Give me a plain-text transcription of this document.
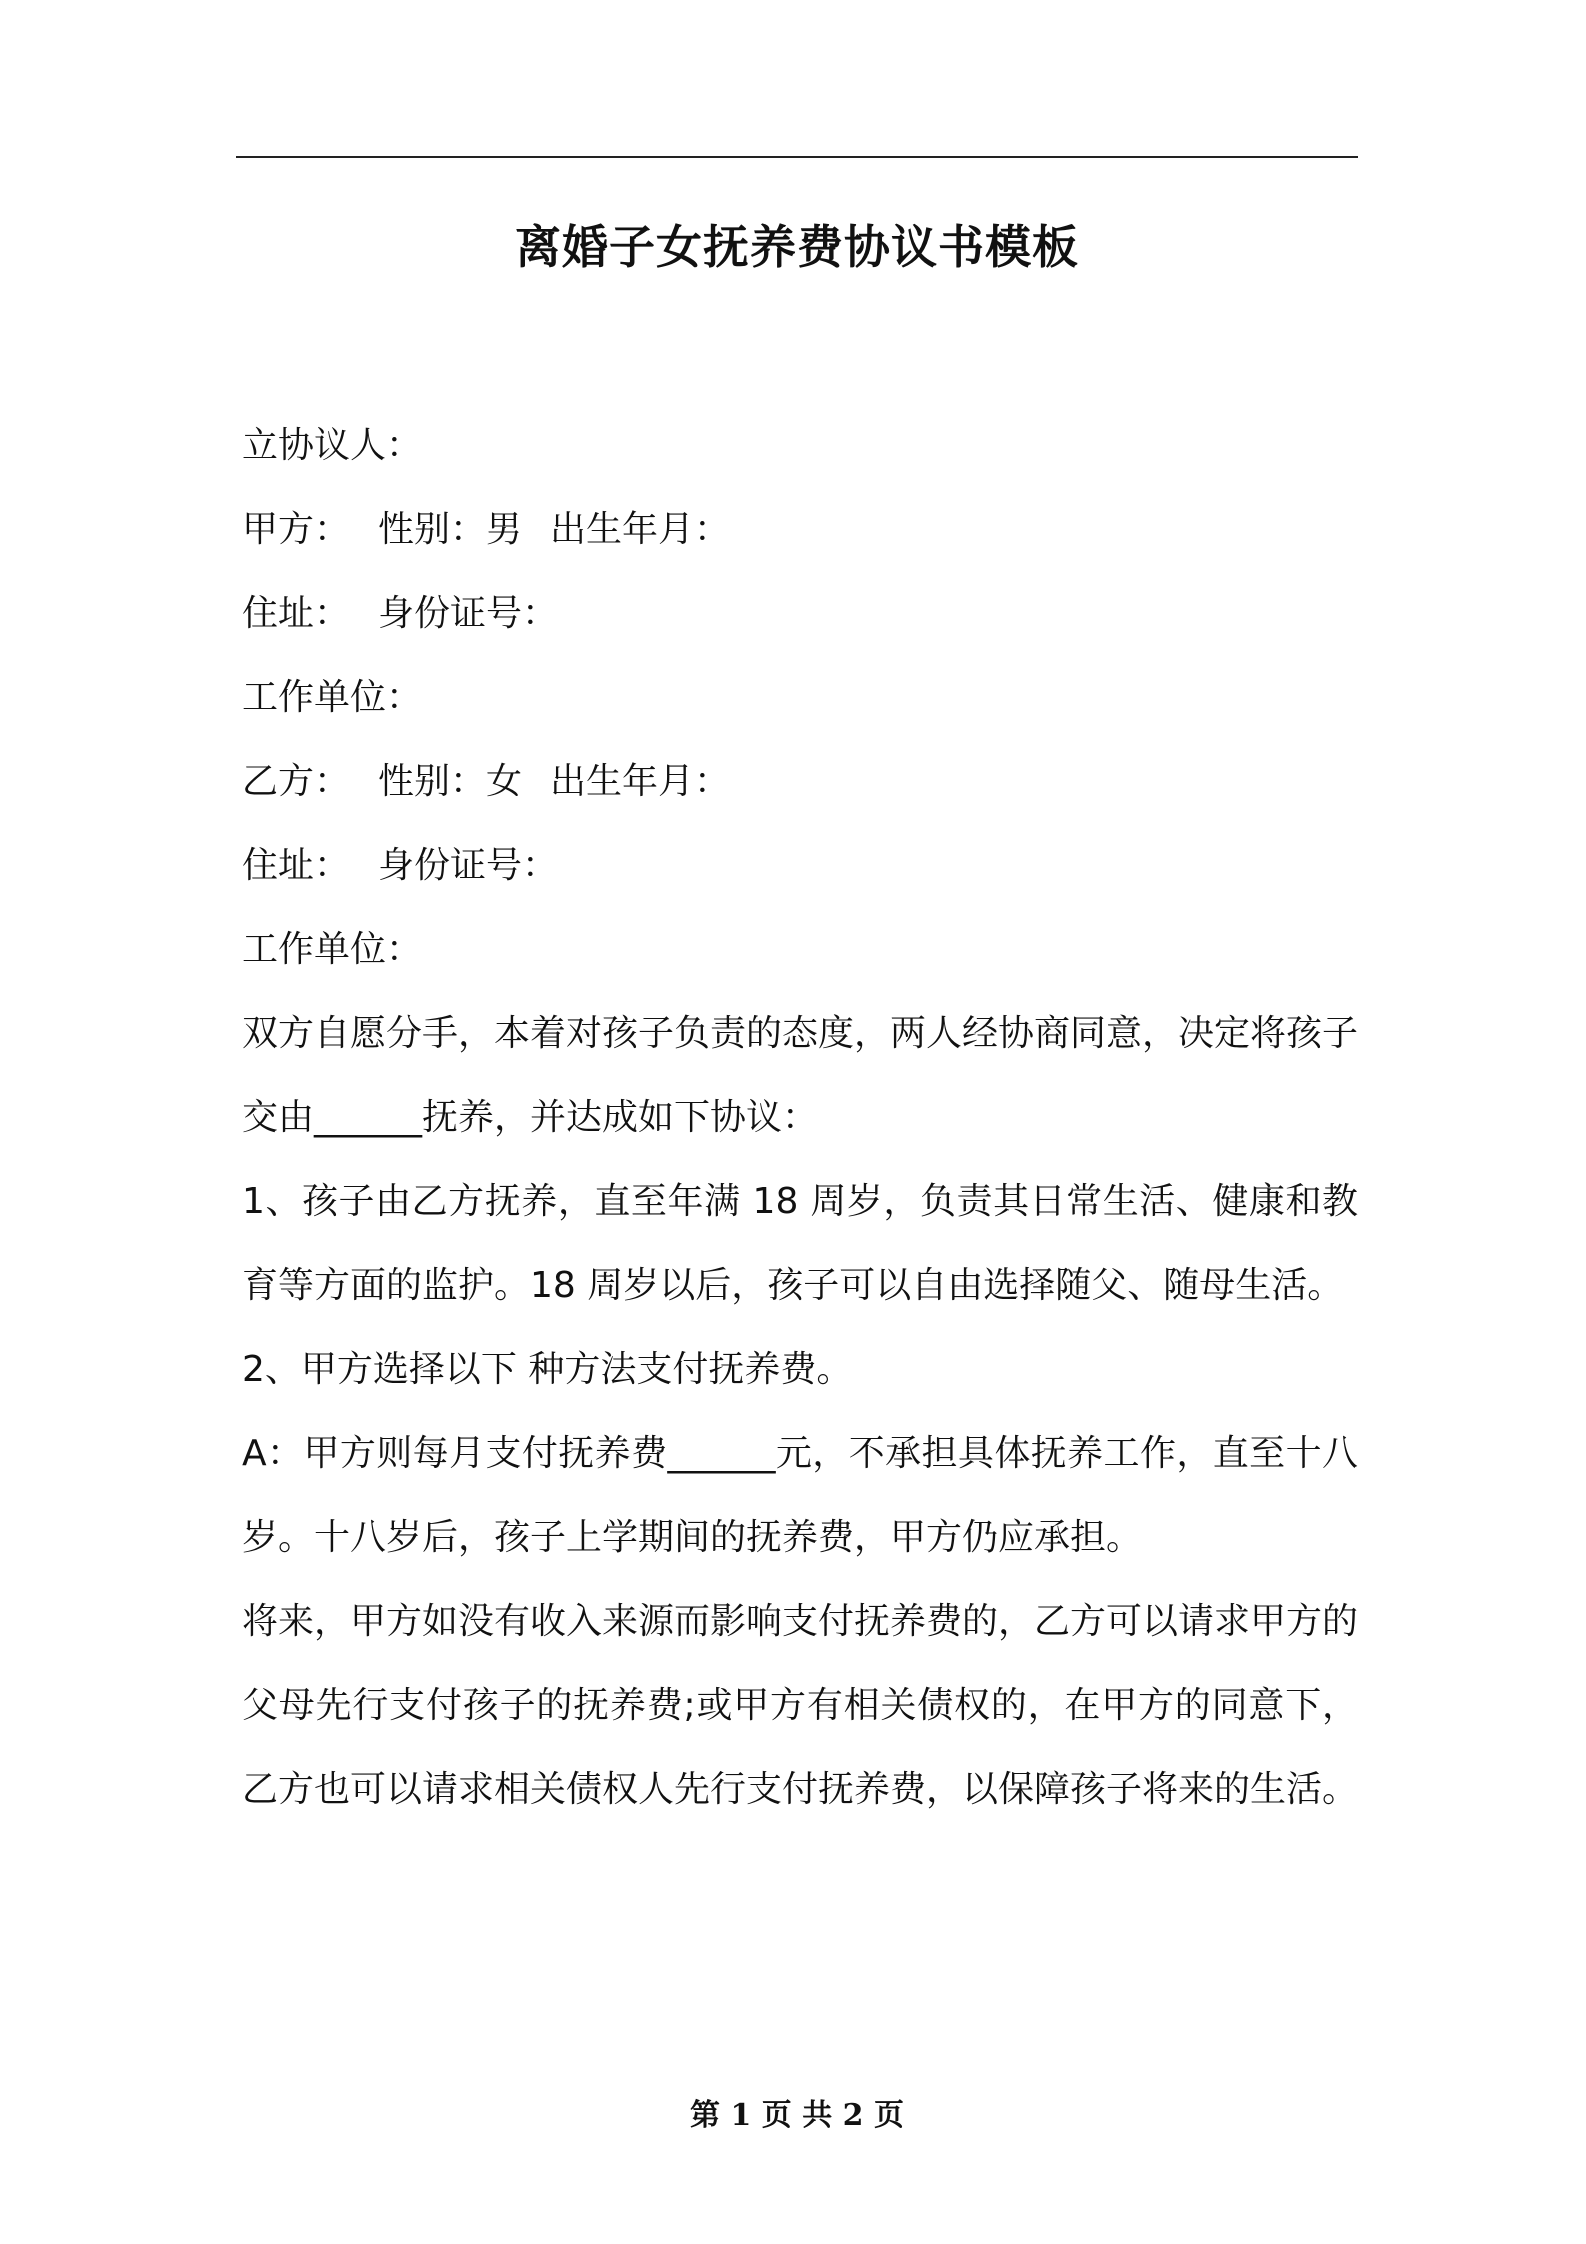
离婚子女抚养费协议书模板
立协议人：
甲方： 性别：男 出生年月：
住址： 身份证号：
工作单位：
乙方： 性别：女 出生年月：
住址： 身份证号：
工作单位：
双方自愿分手，本着对孩子负责的态度，两人经协商同意，决定将孩子交由______抚养，并达成如下协议：
1、孩子由乙方抚养，直至年满 18 周岁，负责其日常生活、健康和教育等方面的监护。18 周岁以后，孩子可以自由选择随父、随母生活。
2、甲方选择以下 种方法支付抚养费。
A：甲方则每月支付抚养费______元，不承担具体抚养工作，直至十八岁。十八岁后，孩子上学期间的抚养费，甲方仍应承担。
将来，甲方如没有收入来源而影响支付抚养费的，乙方可以请求甲方的父母先行支付孩子的抚养费;或甲方有相关债权的，在甲方的同意下，乙方也可以请求相关债权人先行支付抚养费，以保障孩子将来的生活。
第 1 页 共 2 页
